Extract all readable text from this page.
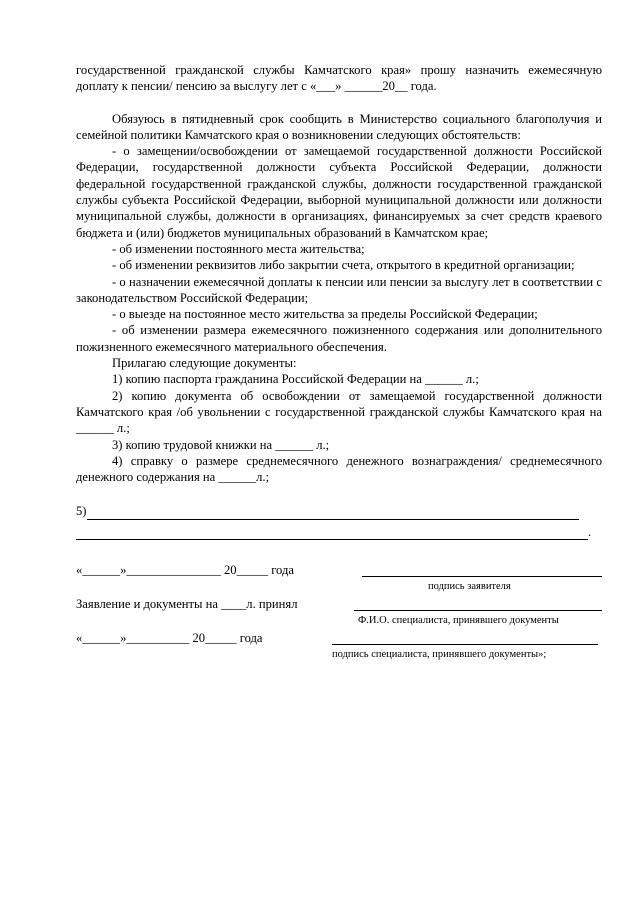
государственной гражданской службы Камчатского края» прошу назначить ежемесячную доплату к пенсии/ пенсию за выслугу лет с «___» ______20__ года.

Обязуюсь в пятидневный срок сообщить в Министерство социального благополучия и семейной политики Камчатского края о возникновении следующих обстоятельств:

- о замещении/освобождении от замещаемой государственной должности Российской Федерации, государственной должности субъекта Российской Федерации, должности федеральной государственной гражданской службы, должности государственной гражданской службы субъекта Российской Федерации, выборной муниципальной должности или должности муниципальной службы, должности в организациях, финансируемых за счет средств краевого бюджета и (или) бюджетов муниципальных образований в Камчатском крае;

- об изменении постоянного места жительства;

- об изменении реквизитов либо закрытии счета, открытого в кредитной организации;

- о назначении ежемесячной доплаты к пенсии или пенсии за выслугу лет в соответствии с законодательством Российской Федерации;

- о выезде на постоянное место жительства за пределы Российской Федерации;

- об изменении размера ежемесячного пожизненного содержания или дополнительного пожизненного ежемесячного материального обеспечения.

Прилагаю следующие документы:

1) копию паспорта гражданина Российской Федерации на ______ л.;

2) копию документа об освобождении от замещаемой государственной должности Камчатского края /об увольнении с государственной гражданской службы Камчатского края на ______ л.;

3) копию трудовой книжки на ______ л.;

4) справку о размере среднемесячного денежного вознаграждения/ среднемесячного денежного содержания на ______л.;

5)
.
«______»_______________ 20_____ года
подпись заявителя
Заявление и документы на ____л. принял
Ф.И.О. специалиста, принявшего документы
«______»__________ 20_____ года
подпись специалиста, принявшего документы»;
